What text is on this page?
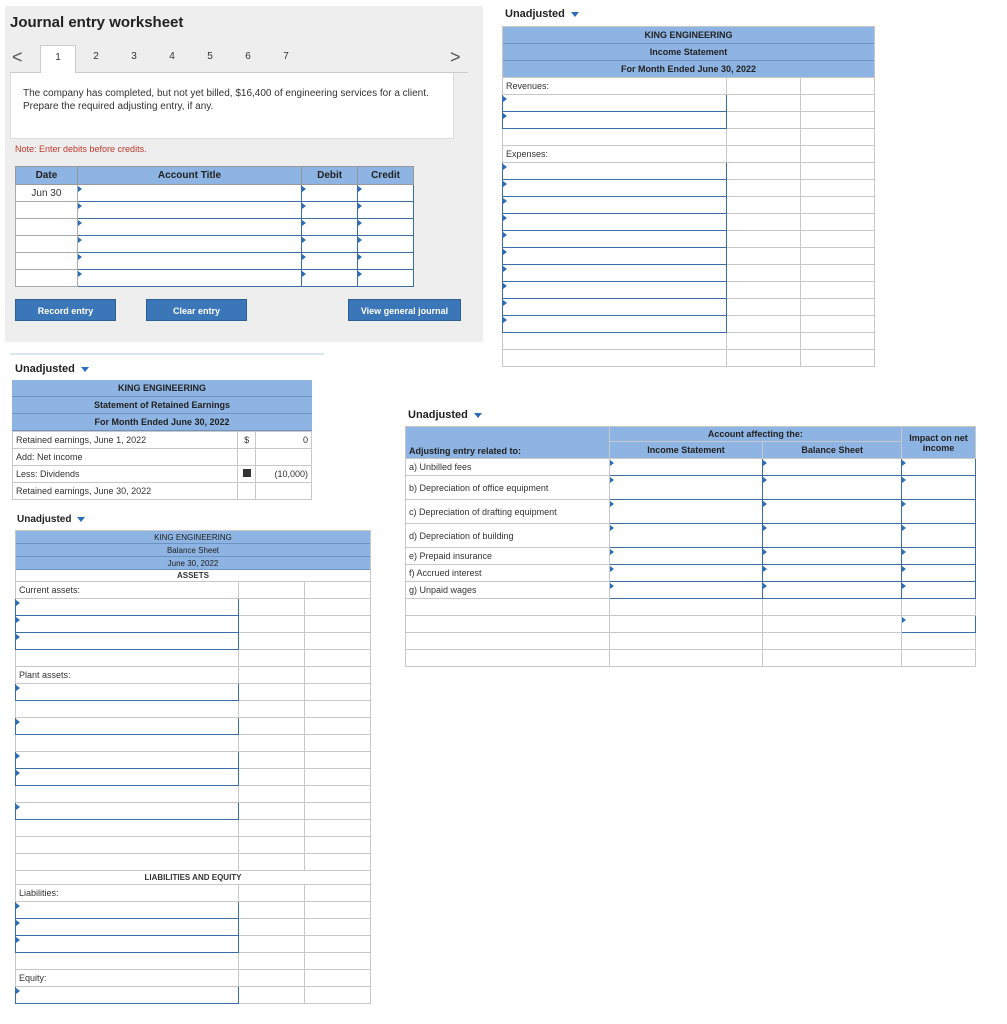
Journal entry worksheet
<	1	2	3	4	5	6	7	>
The company has completed, but not yet billed, $16,400 of engineering services for a client. Prepare the required adjusting entry, if any.
Note: Enter debits before credits.
Date	Account Title	Debit	Credit
Jun 30			

Record entry	Clear entry	View general journal
Unadjusted
KING ENGINEERING
Income Statement
For Month Ended June 30, 2022
Revenues:		

Expenses:		

Unadjusted
KING ENGINEERING
Statement of Retained Earnings
For Month Ended June 30, 2022
Retained earnings, June 1, 2022	$	0
Add: Net income		
Less: Dividends		(10,000)
Retained earnings, June 30, 2022		
Unadjusted
KING ENGINEERING
Balance Sheet
June 30, 2022
ASSETS
Current assets:		

Plant assets:		

LIABILITIES AND EQUITY		
Liabilities:		

Equity:		

Unadjusted
Adjusting entry related to:	Account affecting the:		Impact on net income
	Income Statement	Balance Sheet	
a) Unbilled fees			
b) Depreciation of office equipment			
c) Depreciation of drafting equipment			
d) Depreciation of building			
e) Prepaid insurance			
f) Accrued interest			
g) Unpaid wages			
